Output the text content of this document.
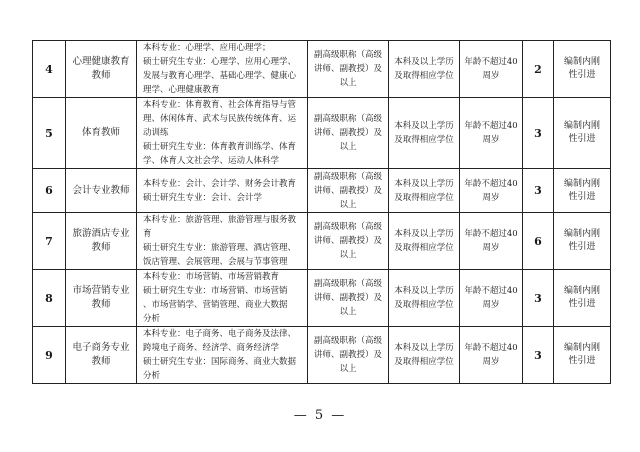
4	心理健康教育教师	本科专业：心理学、应用心理学；
硕士研究生专业：心理学、应用心理学、
发展与教育心理学、基础心理学、健康心
理学、心理健康教育	副高级职称（高级讲师、副教授）及以上	本科及以上学历及取得相应学位	年龄不超过40周岁	2	编制内刚性引进
5	体育教师	本科专业：体育教育、社会体育指导与管
理、休闲体育、武术与民族传统体育、运
动训练
硕士研究生专业：体育教育训练学、体育
学、体育人文社会学、运动人体科学	副高级职称（高级讲师、副教授）及以上	本科及以上学历及取得相应学位	年龄不超过40周岁	3	编制内刚性引进
6	会计专业教师	本科专业：会计、会计学、财务会计教育
硕士研究生专业：会计、会计学	副高级职称（高级讲师、副教授）及以上	本科及以上学历及取得相应学位	年龄不超过40周岁	3	编制内刚性引进
7	旅游酒店专业教师	本科专业：旅游管理、旅游管理与服务教
育
硕士研究生专业：旅游管理、酒店管理、
饭店管理、会展管理、会展与节事管理	副高级职称（高级讲师、副教授）及以上	本科及以上学历及取得相应学位	年龄不超过40周岁	6	编制内刚性引进
8	市场营销专业教师	本科专业：市场营销、市场营销教育
硕士研究生专业：市场营销、市场营销
、市场营销学、营销管理、商业大数据
分析	副高级职称（高级讲师、副教授）及以上	本科及以上学历及取得相应学位	年龄不超过40周岁	3	编制内刚性引进
9	电子商务专业教师	本科专业：电子商务、电子商务及法律、
跨境电子商务、经济学、商务经济学
硕士研究生专业：国际商务、商业大数据
分析	副高级职称（高级讲师、副教授）及以上	本科及以上学历及取得相应学位	年龄不超过40周岁	3	编制内刚性引进
— 5 —
